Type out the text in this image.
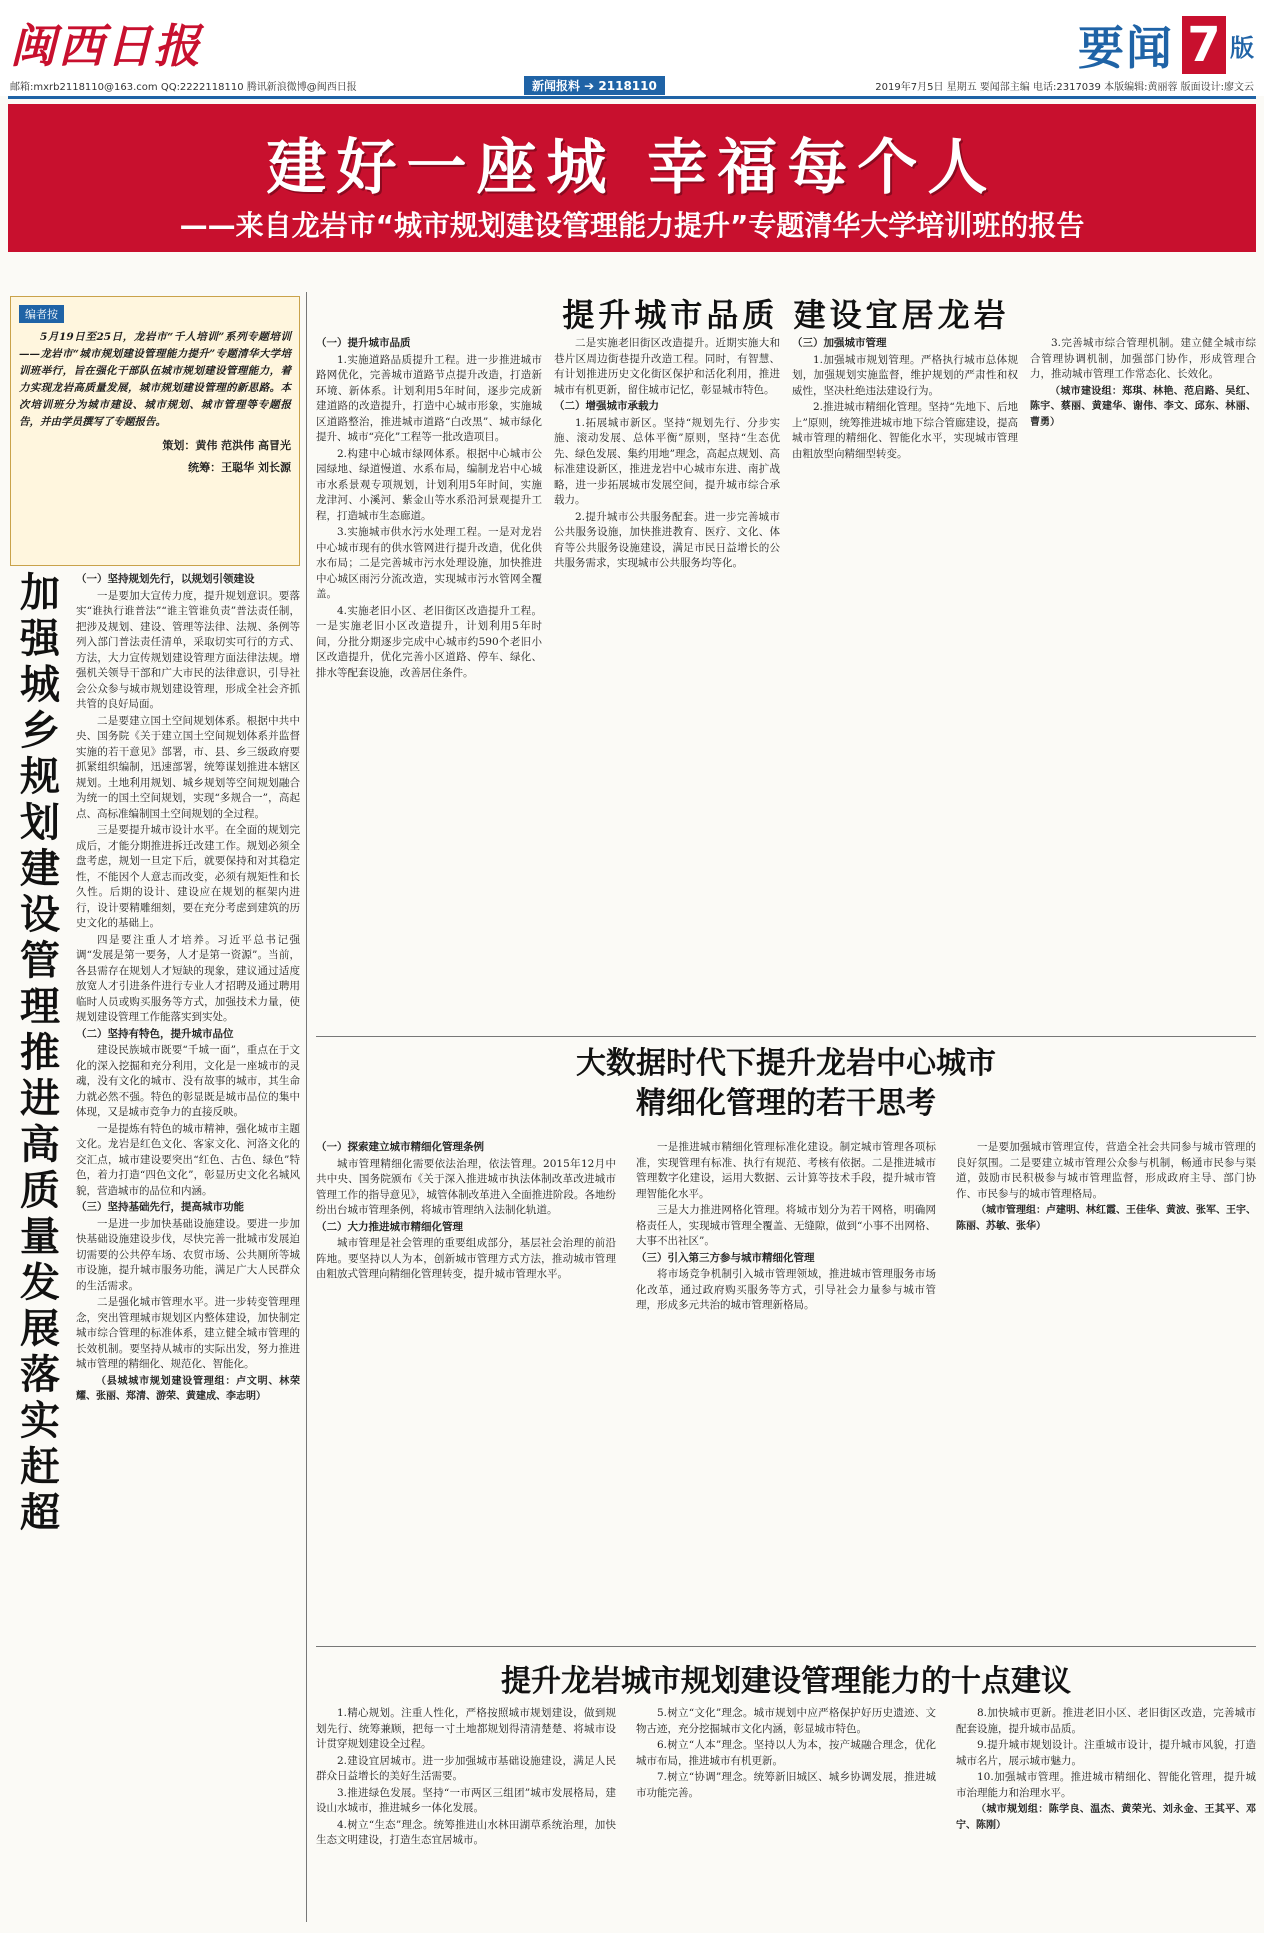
闽西日报	要闻 7 版
邮箱:mxrb2118110@163.com QQ:2222118110 腾讯新浪微博@闽西日报	新闻报料 ➔ 2118110	2019年7月5日 星期五 要闻部主编 电话:2317039 本版编辑:黄丽蓉 版面设计:廖文云
建好一座城 幸福每个人
——来自龙岩市“城市规划建设管理能力提升”专题清华大学培训班的报告
编者按
5月19日至25日，龙岩市“千人培训”系列专题培训——龙岩市“城市规划建设管理能力提升”专题清华大学培训班举行，旨在强化干部队伍城市规划建设管理能力，着力实现龙岩高质量发展，城市规划建设管理的新思路。本次培训班分为城市建设、城市规划、城市管理等专题报告，并由学员撰写了专题报告。
策划：黄伟 范洪伟 高冒光
统筹：王聪华 刘长源
加强城乡规划建设管理 推进高质量发展落实赶超

（一）坚持规划先行，以规划引领建设

一是要加大宣传力度，提升规划意识。要落实“谁执行谁普法”“谁主管谁负责”普法责任制，把涉及规划、建设、管理等法律、法规、条例等列入部门普法责任清单，采取切实可行的方式、方法，大力宣传规划建设管理方面法律法规。增强机关领导干部和广大市民的法律意识，引导社会公众参与城市规划建设管理，形成全社会齐抓共管的良好局面。

二是要建立国土空间规划体系。根据中共中央、国务院《关于建立国土空间规划体系并监督实施的若干意见》部署，市、县、乡三级政府要抓紧组织编制，迅速部署，统筹谋划推进本辖区规划。土地利用规划、城乡规划等空间规划融合为统一的国土空间规划，实现“多规合一”，高起点、高标准编制国土空间规划的全过程。

三是要提升城市设计水平。在全面的规划完成后，才能分期推进拆迁改建工作。规划必须全盘考虑，规划一旦定下后，就要保持和对其稳定性，不能因个人意志而改变，必须有规矩性和长久性。后期的设计、建设应在规划的框架内进行，设计要精雕细刻，要在充分考虑到建筑的历史文化的基础上。

四是要注重人才培养。习近平总书记强调“发展是第一要务，人才是第一资源”。当前，各县需存在规划人才短缺的现象，建议通过适度放宽人才引进条件进行专业人才招聘及通过聘用临时人员或购买服务等方式，加强技术力量，使规划建设管理工作能落实到实处。

（二）坚持有特色，提升城市品位

建设民族城市既要“千城一面”，重点在于文化的深入挖掘和充分利用，文化是一座城市的灵魂，没有文化的城市、没有故事的城市，其生命力就必然不强。特色的彰显既是城市品位的集中体现，又是城市竞争力的直接反映。

一是提炼有特色的城市精神，强化城市主题文化。龙岩是红色文化、客家文化、河洛文化的交汇点，城市建设要突出“红色、古色、绿色”特色，着力打造“四色文化”，彰显历史文化名城风貌，营造城市的品位和内涵。

（三）坚持基础先行，提高城市功能

一是进一步加快基础设施建设。要进一步加快基础设施建设步伐，尽快完善一批城市发展迫切需要的公共停车场、农贸市场、公共厕所等城市设施，提升城市服务功能，满足广大人民群众的生活需求。

二是强化城市管理水平。进一步转变管理理念，突出管理城市规划区内整体建设，加快制定城市综合管理的标准体系，建立健全城市管理的长效机制。要坚持从城市的实际出发，努力推进城市管理的精细化、规范化、智能化。

（县城城市规划建设管理组：卢文明、林荣耀、张丽、郑清、游荣、黄建成、李志明）

提升城市品质 建设宜居龙岩

（一）提升城市品质

1.实施道路品质提升工程。进一步推进城市路网优化，完善城市道路节点提升改造，打造新环境、新体系。计划利用5年时间，逐步完成新建道路的改造提升，打造中心城市形象，实施城区道路整治，推进城市道路“白改黑”、城市绿化提升、城市“亮化”工程等一批改造项目。

2.构建中心城市绿网体系。根据中心城市公园绿地、绿道慢道、水系布局，编制龙岩中心城市水系景观专项规划，计划利用5年时间，实施龙津河、小溪河、紫金山等水系沿河景观提升工程，打造城市生态廊道。

3.实施城市供水污水处理工程。一是对龙岩中心城市现有的供水管网进行提升改造，优化供水布局；二是完善城市污水处理设施，加快推进中心城区雨污分流改造，实现城市污水管网全覆盖。

4.实施老旧小区、老旧街区改造提升工程。一是实施老旧小区改造提升，计划利用5年时间，分批分期逐步完成中心城市约590个老旧小区改造提升，优化完善小区道路、停车、绿化、排水等配套设施，改善居住条件。

二是实施老旧街区改造提升。近期实施大和巷片区周边街巷提升改造工程。同时，有智慧、有计划推进历史文化街区保护和活化利用，推进城市有机更新，留住城市记忆，彰显城市特色。

（二）增强城市承载力

1.拓展城市新区。坚持“规划先行、分步实施、滚动发展、总体平衡”原则，坚持“生态优先、绿色发展、集约用地”理念，高起点规划、高标准建设新区，推进龙岩中心城市东进、南扩战略，进一步拓展城市发展空间，提升城市综合承载力。

2.提升城市公共服务配套。进一步完善城市公共服务设施，加快推进教育、医疗、文化、体育等公共服务设施建设，满足市民日益增长的公共服务需求，实现城市公共服务均等化。

（三）加强城市管理

1.加强城市规划管理。严格执行城市总体规划，加强规划实施监督，维护规划的严肃性和权威性，坚决杜绝违法建设行为。

2.推进城市精细化管理。坚持“先地下、后地上”原则，统筹推进城市地下综合管廊建设，提高城市管理的精细化、智能化水平，实现城市管理由粗放型向精细型转变。

3.完善城市综合管理机制。建立健全城市综合管理协调机制，加强部门协作，形成管理合力，推动城市管理工作常态化、长效化。

（城市建设组：郑琪、林艳、范启路、吴红、陈宇、蔡丽、黄建华、谢伟、李文、邱东、林丽、曹勇）

大数据时代下提升龙岩中心城市
精细化管理的若干思考

（一）探索建立城市精细化管理条例

城市管理精细化需要依法治理，依法管理。2015年12月中共中央、国务院颁布《关于深入推进城市执法体制改革改进城市管理工作的指导意见》，城管体制改革进入全面推进阶段。各地纷纷出台城市管理条例，将城市管理纳入法制化轨道。

（二）大力推进城市精细化管理

城市管理是社会管理的重要组成部分，基层社会治理的前沿阵地。要坚持以人为本，创新城市管理方式方法，推动城市管理由粗放式管理向精细化管理转变，提升城市管理水平。

一是推进城市精细化管理标准化建设。制定城市管理各项标准，实现管理有标准、执行有规范、考核有依据。二是推进城市管理数字化建设，运用大数据、云计算等技术手段，提升城市管理智能化水平。

三是大力推进网格化管理。将城市划分为若干网格，明确网格责任人，实现城市管理全覆盖、无缝隙，做到“小事不出网格、大事不出社区”。

（三）引入第三方参与城市精细化管理

将市场竞争机制引入城市管理领域，推进城市管理服务市场化改革，通过政府购买服务等方式，引导社会力量参与城市管理，形成多元共治的城市管理新格局。

一是要加强城市管理宣传，营造全社会共同参与城市管理的良好氛围。二是要建立城市管理公众参与机制，畅通市民参与渠道，鼓励市民积极参与城市管理监督，形成政府主导、部门协作、市民参与的城市管理格局。

（城市管理组：卢建明、林红霞、王佳华、黄波、张军、王宇、陈丽、苏敏、张华）

提升龙岩城市规划建设管理能力的十点建议

1.精心规划。注重人性化，严格按照城市规划建设，做到规划先行、统筹兼顾，把每一寸土地都规划得清清楚楚、将城市设计贯穿规划建设全过程。

2.建设宜居城市。进一步加强城市基础设施建设，满足人民群众日益增长的美好生活需要。

3.推进绿色发展。坚持“一市两区三组团”城市发展格局，建设山水城市，推进城乡一体化发展。

4.树立“生态”理念。统筹推进山水林田湖草系统治理，加快生态文明建设，打造生态宜居城市。

5.树立“文化”理念。城市规划中应严格保护好历史遗迹、文物古迹，充分挖掘城市文化内涵，彰显城市特色。

6.树立“人本”理念。坚持以人为本，按产城融合理念，优化城市布局，推进城市有机更新。

7.树立“协调”理念。统筹新旧城区、城乡协调发展，推进城市功能完善。

8.加快城市更新。推进老旧小区、老旧街区改造，完善城市配套设施，提升城市品质。

9.提升城市规划设计。注重城市设计，提升城市风貌，打造城市名片，展示城市魅力。

10.加强城市管理。推进城市精细化、智能化管理，提升城市治理能力和治理水平。

（城市规划组：陈学良、温杰、黄荣光、刘永金、王其平、邓宁、陈刚）
